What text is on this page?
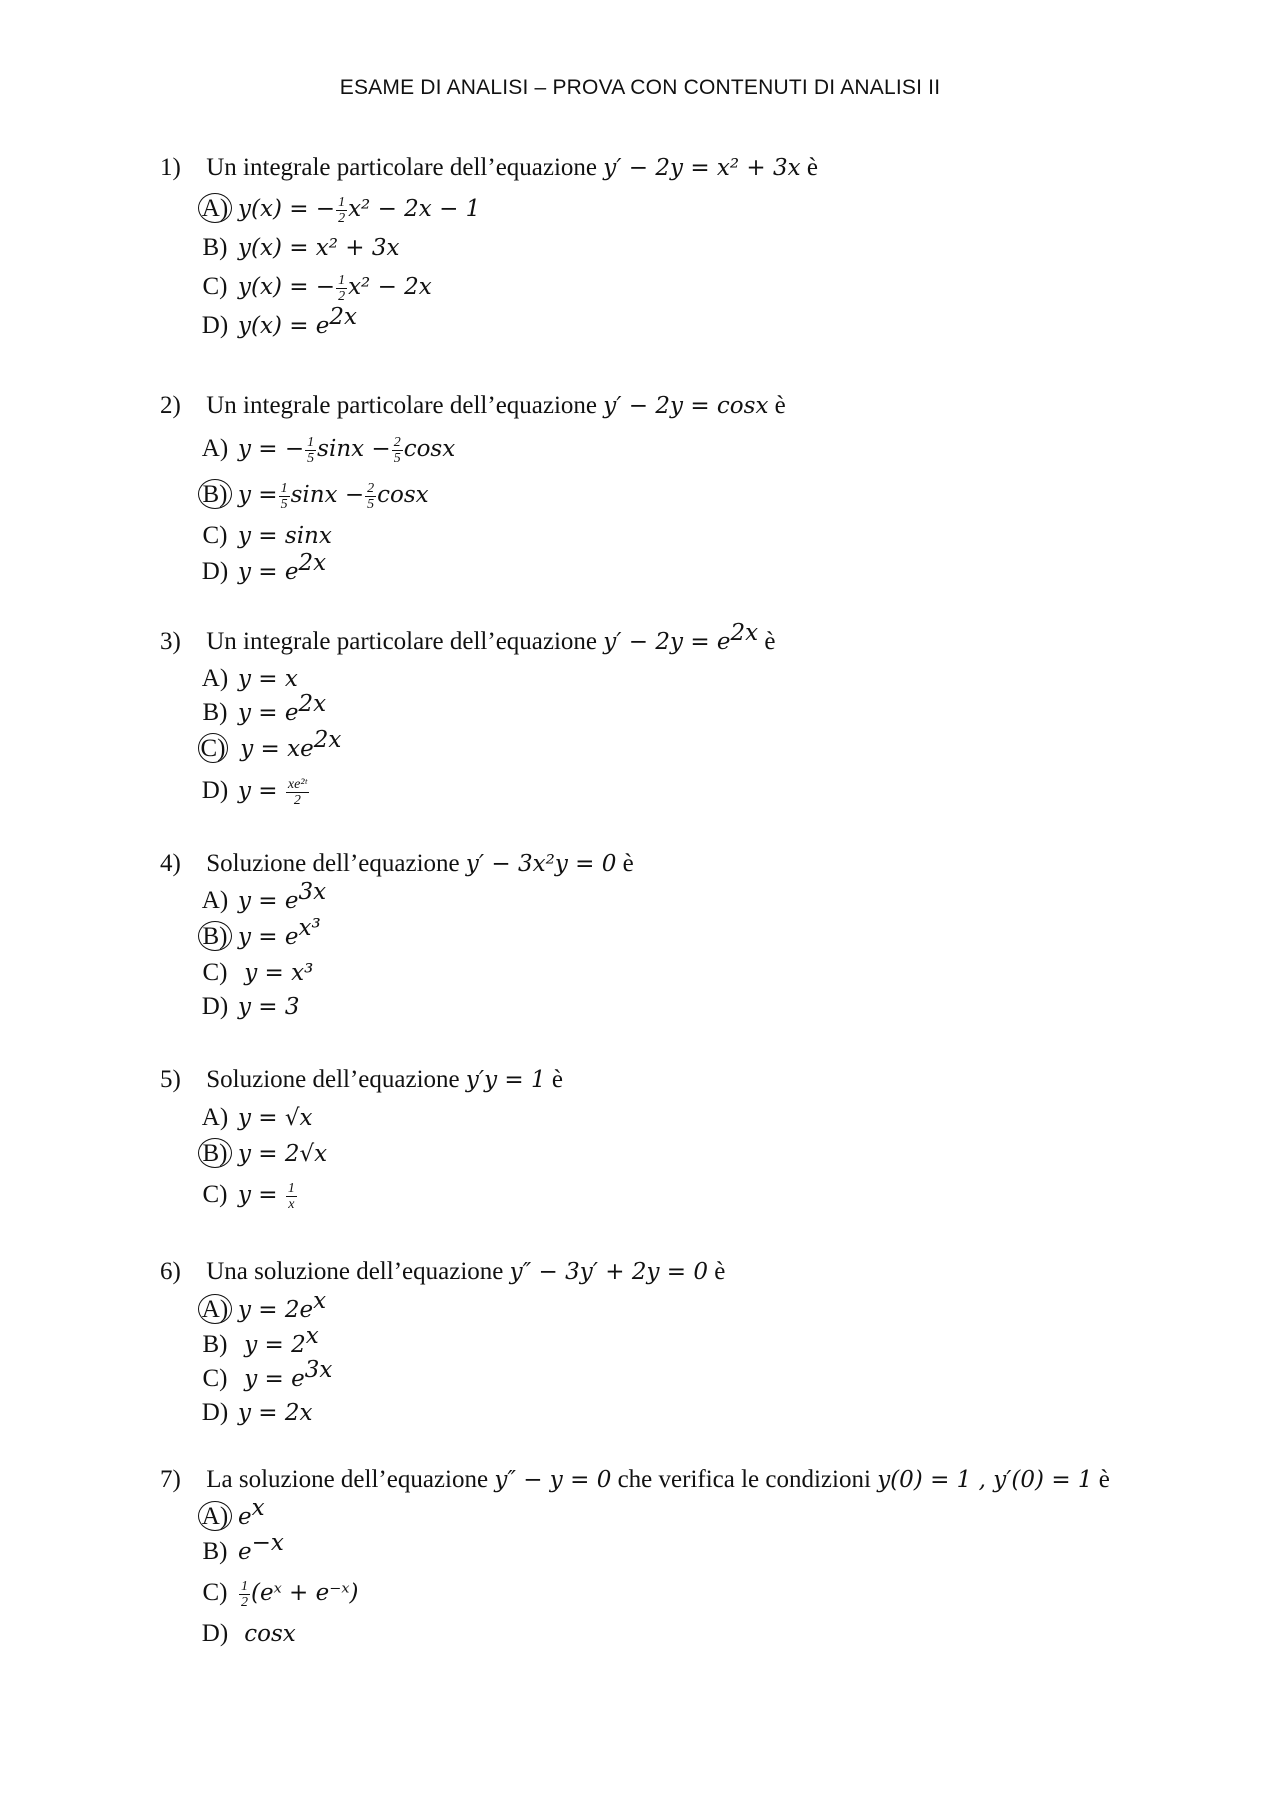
ESAME DI ANALISI – PROVA CON CONTENUTI DI ANALISI II
1) Un integrale particolare dell’equazione y′ − 2y = x² + 3x è
A) y(x) = − $\frac{1}{2} x^2 - 2x - 1$
B) y(x) = x² + 3x
C) y(x) = − $\frac{1}{2} x^2 - 2x$
D) $y(x) = e^{2x}$
2) Un integrale particolare dell’equazione y′ − 2y = cosx è
A) y = − $\frac{1}{5}$ $\sin x - \frac{2}{5}$ cosx
B) $y = \frac{1}{5}$ $\sin x - \frac{2}{5}$ cosx
C) y = sinx
D) $y = e^{2x}$
3) Un integrale particolare dell’equazione $y' - 2y = e^{2x}$ è
A) y = x
B) $y = e^{2x}$
C) $y = xe^{2x}$
D) $y = \frac{\text{xe²ᵗ}}{2}$
4) Soluzione dell’equazione y′ − 3x²y = 0 è
A) $y = e^{3x}$
B) $y = e^{x^3}$
C) y = x³
D) y = 3
5) Soluzione dell’equazione y′y = 1 è
A) y = √x
B) y = 2√x
C) $y = \frac{1}{x}$
6) Una soluzione dell’equazione y″ − 3y′ + 2y = 0 è
A) $y = 2e^x$
B) $y = 2^x$
C) $y = e^{3x}$
D) y = 2x
7) La soluzione dell’equazione y″ − y = 0 che verifica le condizioni y(0) = 1 , y′(0) = 1 è
A) $e^x$
B) $e^{-x}$
$C) \frac{1}{2}$ (eˣ + e⁻ˣ)
D) cosx
